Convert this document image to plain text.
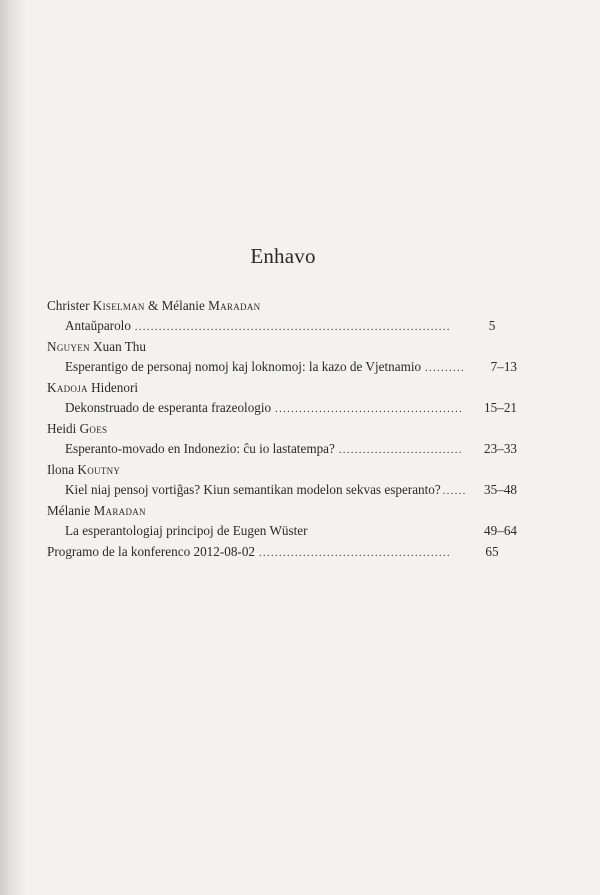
Enhavo
Christer Kiselman & Mélanie Maradan
Antaŭparolo . . .	5
Nguyen Xuan Thu
Esperantigo de personaj nomoj kaj loknomoj: la kazo de Vjetnamio . . .	7–13
Kadoja Hidenori
Dekonstruado de esperanta frazeologio . . .	15–21
Heidi Goes
Esperanto-movado en Indonezio: ĉu io lastatempa? . . .	23–33
Ilona Koutny
Kiel niaj pensoj vortiĝas? Kiun semantikan modelon sekvas esperanto? . . .	35–48
Mélanie Maradan
La esperantologiaj principoj de Eugen Wüster	49–64
Programo de la konferenco 2012-08-02 . . .	65
